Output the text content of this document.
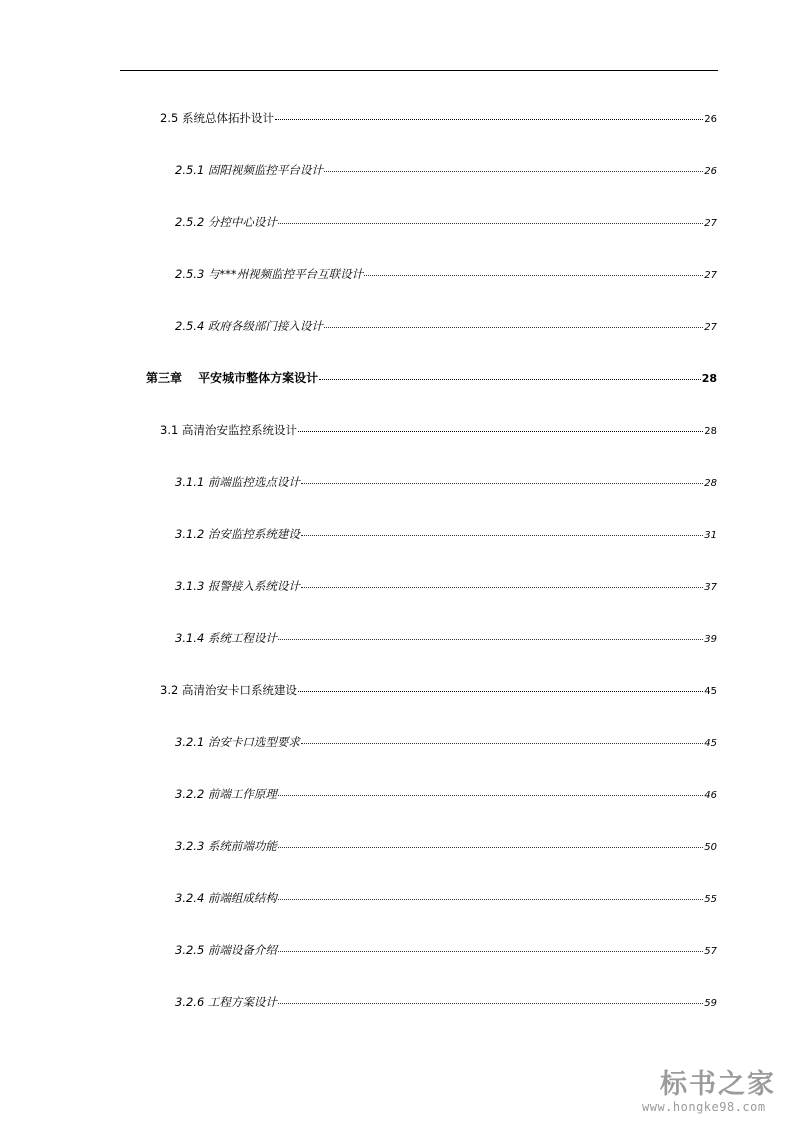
2.5 系统总体拓扑设计	26
2.5.1 固阳视频监控平台设计	26
2.5.2 分控中心设计	27
2.5.3 与***州视频监控平台互联设计	27
2.5.4 政府各级部门接入设计	27
第三章　 平安城市整体方案设计	28
3.1 高清治安监控系统设计	28
3.1.1 前端监控选点设计	28
3.1.2 治安监控系统建设	31
3.1.3 报警接入系统设计	37
3.1.4 系统工程设计	39
3.2 高清治安卡口系统建设	45
3.2.1 治安卡口选型要求	45
3.2.2 前端工作原理	46
3.2.3 系统前端功能	50
3.2.4 前端组成结构	55
3.2.5 前端设备介绍	57
3.2.6 工程方案设计	59
标书之家
www.hongke98.com
